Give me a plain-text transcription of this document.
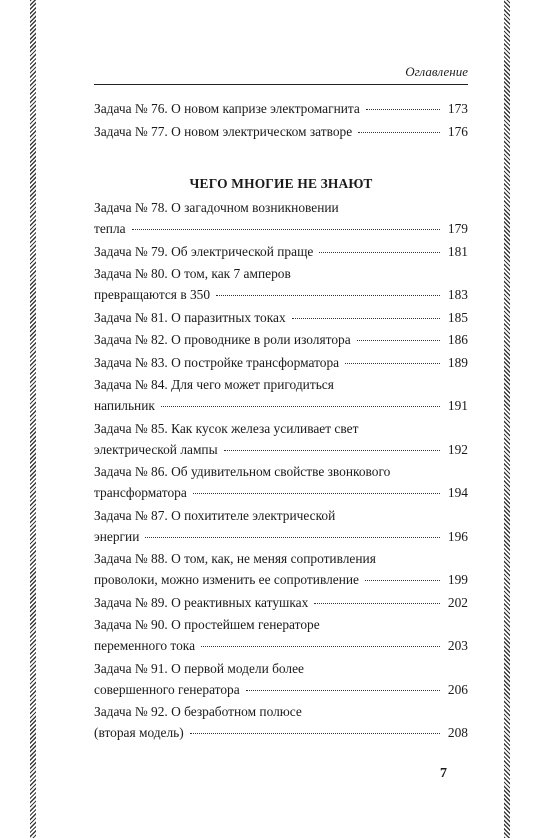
Оглавление
Задача № 76. О новом капризе электромагнита	173
Задача № 77. О новом электрическом затворе	176
ЧЕГО МНОГИЕ НЕ ЗНАЮТ
Задача № 78. О загадочном возникновении
тепла	179
Задача № 79. Об электрической праще	181
Задача № 80. О том, как 7 амперов
превращаются в 350	183
Задача № 81. О паразитных токах	185
Задача № 82. О проводнике в роли изолятора	186
Задача № 83. О постройке трансформатора	189
Задача № 84. Для чего может пригодиться
напильник	191
Задача № 85. Как кусок железа усиливает свет
электрической лампы	192
Задача № 86. Об удивительном свойстве звонкового
трансформатора	194
Задача № 87. О похитителе электрической
энергии	196
Задача № 88. О том, как, не меняя сопротивления
проволоки, можно изменить ее сопротивление	199
Задача № 89. О реактивных катушках	202
Задача № 90. О простейшем генераторе
переменного тока	203
Задача № 91. О первой модели более
совершенного генератора	206
Задача № 92. О безработном полюсе
(вторая модель)	208
7
